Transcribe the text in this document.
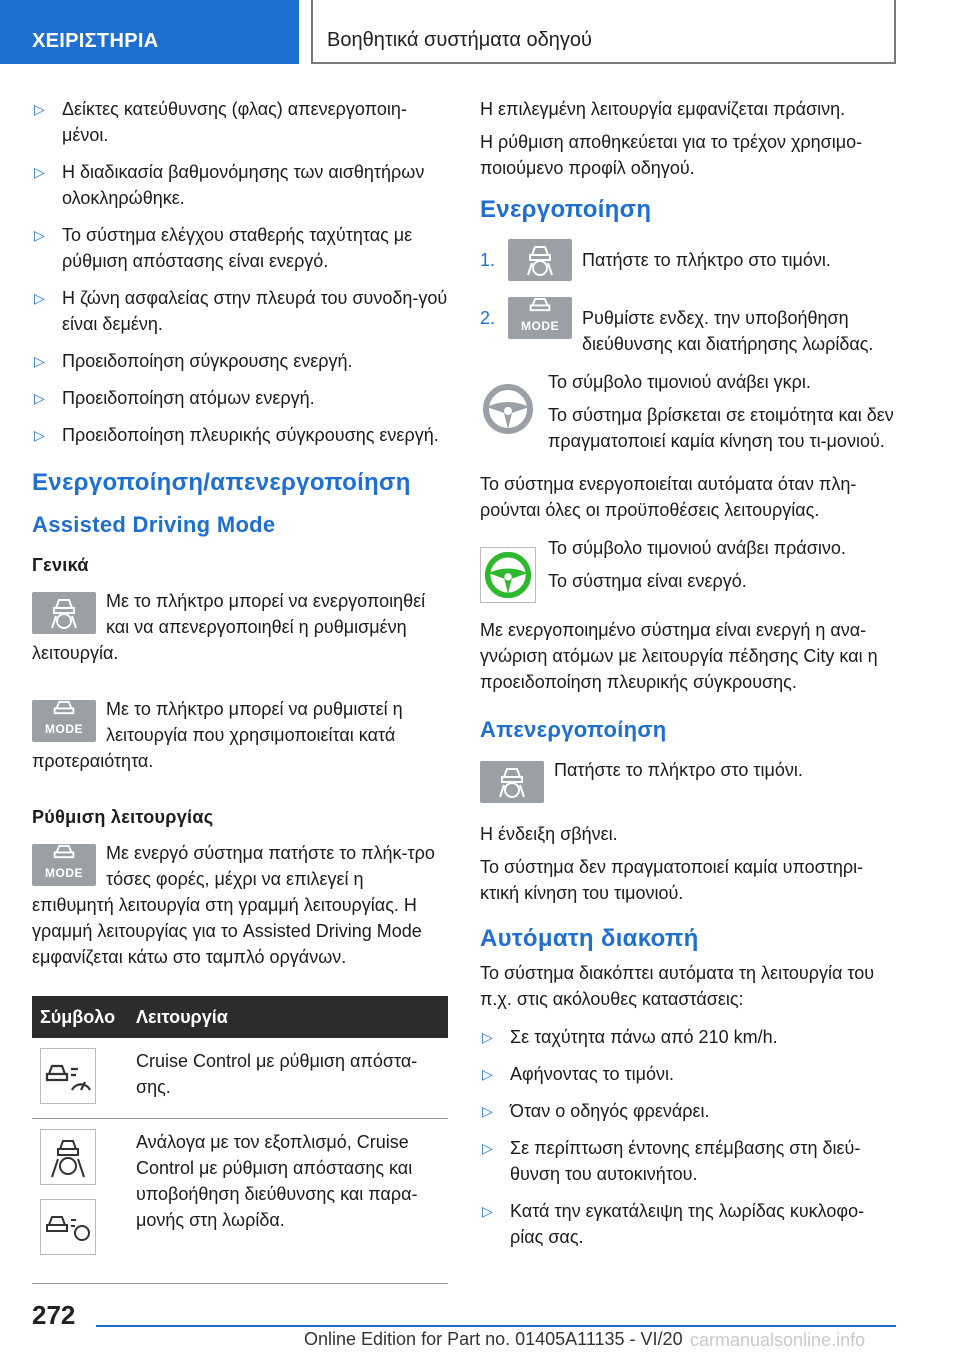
ΧΕΙΡΙΣΤΗΡΙΑ	Βοηθητικά συστήματα οδηγού
▷ Δείκτες κατεύθυνσης (φλας) απενεργοποιη-μένοι.
▷ Η διαδικασία βαθμονόμησης των αισθητήρων ολοκληρώθηκε.
▷ Το σύστημα ελέγχου σταθερής ταχύτητας με ρύθμιση απόστασης είναι ενεργό.
▷ Η ζώνη ασφαλείας στην πλευρά του συνοδη-γού είναι δεμένη.
▷ Προειδοποίηση σύγκρουσης ενεργή.
▷ Προειδοποίηση ατόμων ενεργή.
▷ Προειδοποίηση πλευρικής σύγκρουσης ενεργή.
Ενεργοποίηση/απενεργοποίηση
Assisted Driving Mode
Γενικά
Με το πλήκτρο μπορεί να ενεργοποιηθεί και να απενεργοποιηθεί η ρυθμισμένη λειτουργία.
MODE
Με το πλήκτρο μπορεί να ρυθμιστεί η λειτουργία που χρησιμοποιείται κατά προτεραιότητα.
Ρύθμιση λειτουργίας
MODE
Με ενεργό σύστημα πατήστε το πλήκ-τρο τόσες φορές, μέχρι να επιλεγεί η επιθυμητή λειτουργία στη γραμμή λειτουργίας. Η γραμμή λειτουργίας για το Assisted Driving Mode εμφανίζεται κάτω στο ταμπλό οργάνων.
Σύμβολο	Λειτουργία

	Cruise Control με ρύθμιση απόστα-σης.

	Ανάλογα με τον εξοπλισμό, Cruise Control με ρύθμιση απόστασης και υποβοήθηση διεύθυνσης και παρα-μονής στη λωρίδα.

Η επιλεγμένη λειτουργία εμφανίζεται πράσινη.

Η ρύθμιση αποθηκεύεται για το τρέχον χρησιμο-ποιούμενο προφίλ οδηγού.

Ενεργοποίηση
1.	Πατήστε το πλήκτρο στο τιμόνι.
2. MODE	Ρυθμίστε ενδεχ. την υποβοήθηση διεύθυνσης και διατήρησης λωρίδας.

Το σύμβολο τιμονιού ανάβει γκρι.

Το σύστημα βρίσκεται σε ετοιμότητα και δεν πραγματοποιεί καμία κίνηση του τι-μονιού.

Το σύστημα ενεργοποιείται αυτόματα όταν πλη-ρούνται όλες οι προϋποθέσεις λειτουργίας.

Το σύμβολο τιμονιού ανάβει πράσινο.

Το σύστημα είναι ενεργό.

Με ενεργοποιημένο σύστημα είναι ενεργή η ανα-γνώριση ατόμων με λειτουργία πέδησης City και η προειδοποίηση πλευρικής σύγκρουσης.

Απενεργοποίηση
Πατήστε το πλήκτρο στο τιμόνι.

Η ένδειξη σβήνει.

Το σύστημα δεν πραγματοποιεί καμία υποστηρι-κτική κίνηση του τιμονιού.

Αυτόματη διακοπή

Το σύστημα διακόπτει αυτόματα τη λειτουργία του π.χ. στις ακόλουθες καταστάσεις:

▷ Σε ταχύτητα πάνω από 210 km/h.
▷ Αφήνοντας το τιμόνι.
▷ Όταν ο οδηγός φρενάρει.
▷ Σε περίπτωση έντονης επέμβασης στη διεύ-θυνση του αυτοκινήτου.
▷ Κατά την εγκατάλειψη της λωρίδας κυκλοφο-ρίας σας.
272
Online Edition for Part no. 01405A11135 - VI/20 carmanualsonline.info
